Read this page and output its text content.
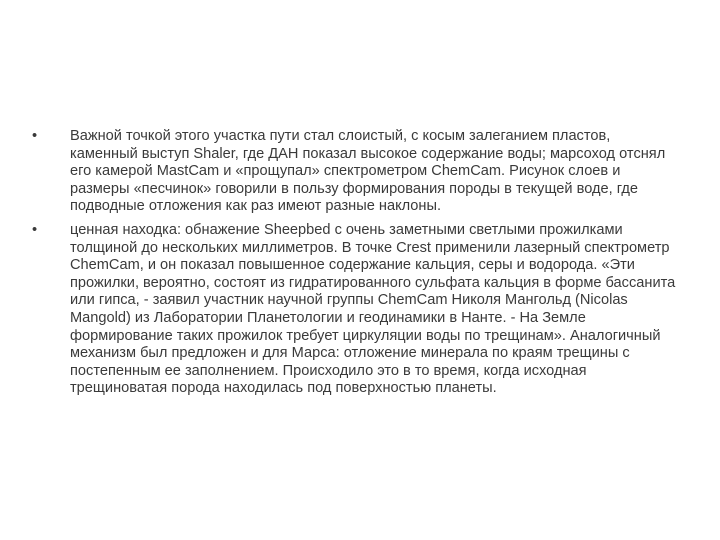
•	Важной точкой этого участка пути стал слоистый, с косым залеганием пластов, каменный выступ Shaler, где ДАН показал высокое содержание воды; марсоход отснял его камерой MastCam и «прощупал» спектрометром ChemCam. Рисунок слоев и размеры «песчинок» говорили в пользу формирования породы в текущей воде, где подводные отложения как раз имеют разные наклоны.
•	ценная находка: обнажение Sheepbed с очень заметными светлыми прожилками толщиной до нескольких миллиметров. В точке Crest применили лазерный спектрометр ChemCam, и он показал повышенное содержание кальция, серы и водорода. «Эти прожилки, вероятно, состоят из гидратированного сульфата кальция в форме бассанита или гипса, - заявил участник научной группы ChemCam Николя Мангольд (Nicolas Mangold) из Лаборатории Планетологии и геодинамики в Нанте. - На Земле формирование таких прожилок требует циркуляции воды по трещинам». Аналогичный механизм был предложен и для Марса: отложение минерала по краям трещины с постепенным ее заполнением. Происходило это в то время, когда исходная трещиноватая порода находилась под поверхностью планеты.
